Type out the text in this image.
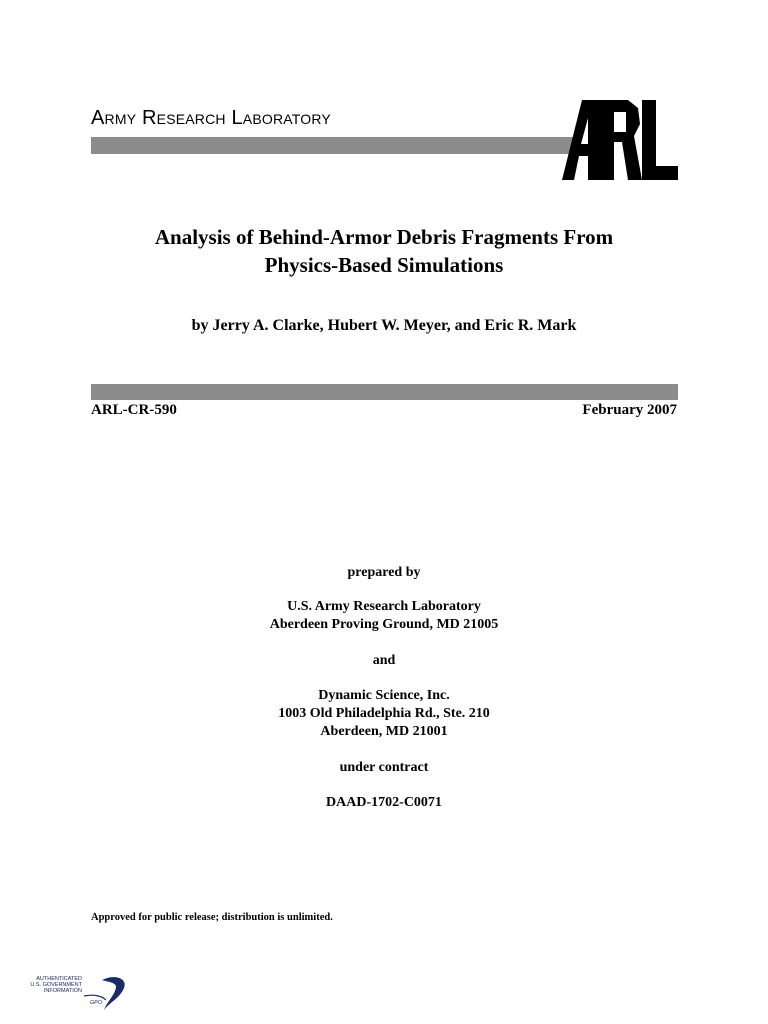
Army Research Laboratory
Analysis of Behind-Armor Debris Fragments From
Physics-Based Simulations
by Jerry A. Clarke, Hubert W. Meyer, and Eric R. Mark
ARL-CR-590	February 2007
prepared by
U.S. Army Research Laboratory
Aberdeen Proving Ground, MD 21005
and
Dynamic Science, Inc.
1003 Old Philadelphia Rd., Ste. 210
Aberdeen, MD 21001
under contract
DAAD-1702-C0071
Approved for public release; distribution is unlimited.
AUTHENTICATED
U.S. GOVERNMENT
INFORMATION
GPO
